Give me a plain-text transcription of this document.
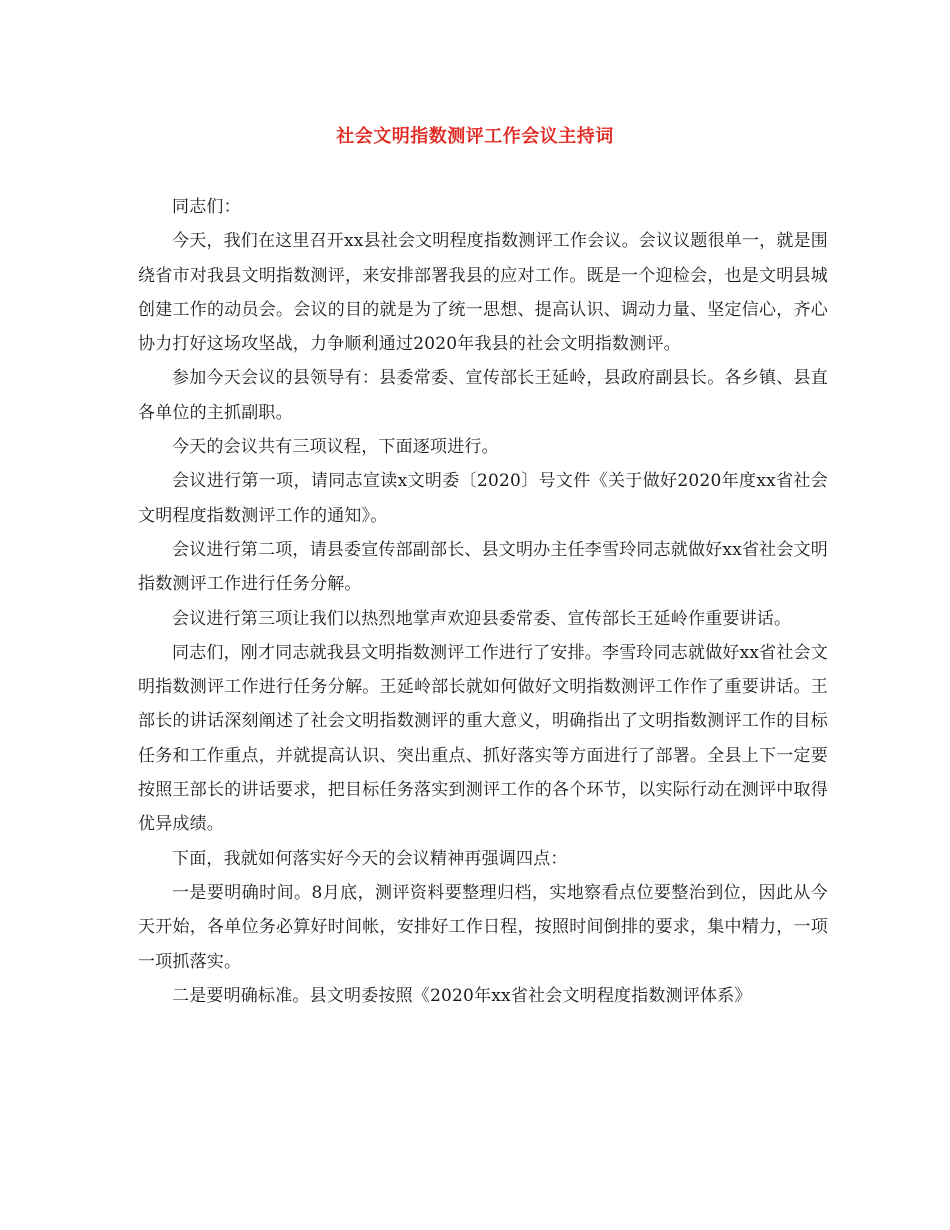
社会文明指数测评工作会议主持词

同志们：

今天，我们在这里召开xx县社会文明程度指数测评工作会议。会议议题很单一，就是围绕省市对我县文明指数测评，来安排部署我县的应对工作。既是一个迎检会，也是文明县城创建工作的动员会。会议的目的就是为了统一思想、提高认识、调动力量、坚定信心，齐心协力打好这场攻坚战，力争顺利通过2020年我县的社会文明指数测评。

参加今天会议的县领导有：县委常委、宣传部长王延岭，县政府副县长。各乡镇、县直各单位的主抓副职。

今天的会议共有三项议程，下面逐项进行。

会议进行第一项，请同志宣读x文明委〔2020〕号文件《关于做好2020年度xx省社会文明程度指数测评工作的通知》。

会议进行第二项，请县委宣传部副部长、县文明办主任李雪玲同志就做好xx省社会文明指数测评工作进行任务分解。

会议进行第三项让我们以热烈地掌声欢迎县委常委、宣传部长王延岭作重要讲话。

同志们，刚才同志就我县文明指数测评工作进行了安排。李雪玲同志就做好xx省社会文明指数测评工作进行任务分解。王延岭部长就如何做好文明指数测评工作作了重要讲话。王部长的讲话深刻阐述了社会文明指数测评的重大意义，明确指出了文明指数测评工作的目标任务和工作重点，并就提高认识、突出重点、抓好落实等方面进行了部署。全县上下一定要按照王部长的讲话要求，把目标任务落实到测评工作的各个环节，以实际行动在测评中取得优异成绩。

下面，我就如何落实好今天的会议精神再强调四点：

一是要明确时间。8月底，测评资料要整理归档，实地察看点位要整治到位，因此从今天开始，各单位务必算好时间帐，安排好工作日程，按照时间倒排的要求，集中精力，一项一项抓落实。

二是要明确标准。县文明委按照《2020年xx省社会文明程度指数测评体系》
